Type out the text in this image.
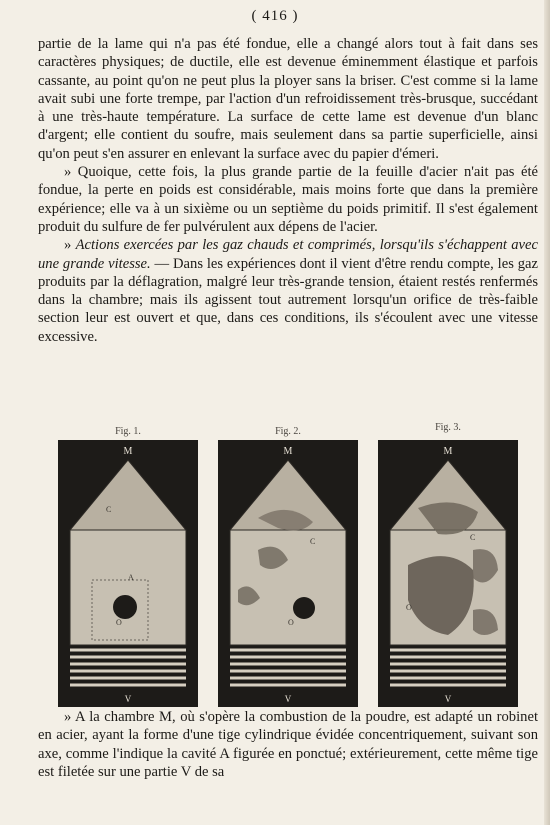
( 416 )

partie de la lame qui n'a pas été fondue, elle a changé alors tout à fait dans ses caractères physiques; de ductile, elle est devenue éminemment élastique et parfois cassante, au point qu'on ne peut plus la ployer sans la briser. C'est comme si la lame avait subi une forte trempe, par l'action d'un refroidissement très-brusque, succédant à une très-haute température. La surface de cette lame est devenue d'un blanc d'argent; elle contient du soufre, mais seulement dans sa partie superficielle, ainsi qu'on peut s'en assurer en enlevant la surface avec du papier d'émeri.

» Quoique, cette fois, la plus grande partie de la feuille d'acier n'ait pas été fondue, la perte en poids est considérable, mais moins forte que dans la première expérience; elle va à un sixième ou un septième du poids primitif. Il s'est également produit du sulfure de fer pulvérulent aux dépens de l'acier.

» Actions exercées par les gaz chauds et comprimés, lorsqu'ils s'échappent avec une grande vitesse. — Dans les expériences dont il vient d'être rendu compte, les gaz produits par la déflagration, malgré leur très-grande tension, étaient restés renfermés dans la chambre; mais ils agissent tout autrement lorsqu'un orifice de très-faible section leur est ouvert et que, dans ces conditions, ils s'écoulent avec une vitesse excessive.

Fig. 1.
M
C
A
O
V
Fig. 2.
M
C
O
V
Fig. 3.
M
O
C
V

» A la chambre M, où s'opère la combustion de la poudre, est adapté un robinet en acier, ayant la forme d'une tige cylindrique évidée concentriquement, suivant son axe, comme l'indique la cavité A figurée en ponctué; extérieurement, cette même tige est filetée sur une partie V de sa
